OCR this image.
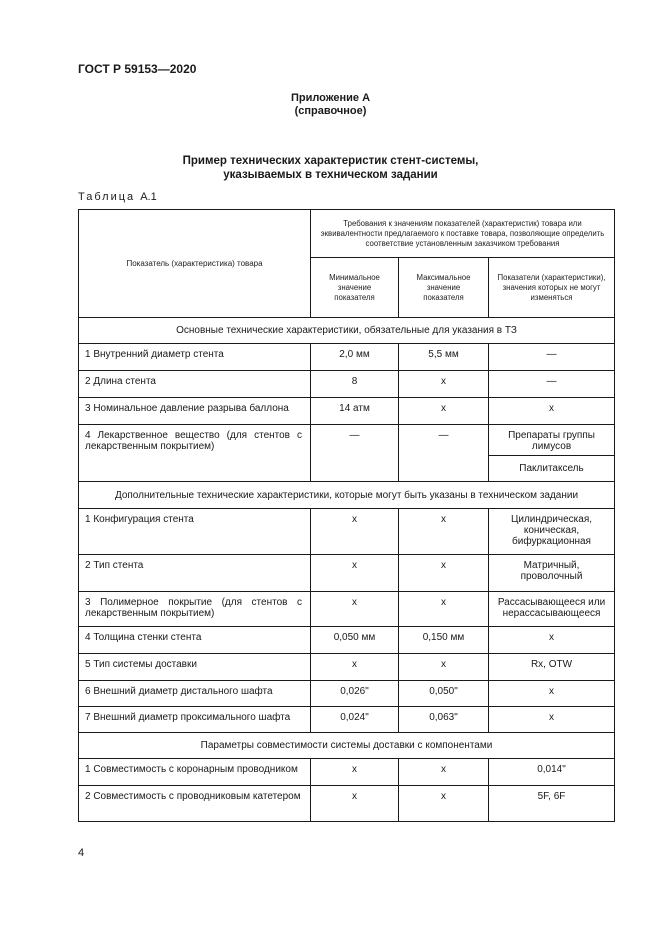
ГОСТ Р 59153—2020
Приложение А
(справочное)
Пример технических характеристик стент-системы,
указываемых в техническом задании
Таблица А.1
Показатель (характеристика) товара	Требования к значениям показателей (характеристик) товара или эквивалентности предлагаемого к поставке товара, позволяющие определить соответствие установленным заказчиком требования		
	Минимальное значение показателя	Максимальное значение показателя	Показатели (характеристики), значения которых не могут изменяться
Основные технические характеристики, обязательные для указания в ТЗ			
1 Внутренний диаметр стента	2,0 мм	5,5 мм	—
2 Длина стента	8	x	—
3 Номинальное давление разрыва баллона	14 атм	x	x
4 Лекарственное вещество (для стентов с лекарственным покрытием)	—	—	Препараты группы лимусов
			Паклитаксель
Дополнительные технические характеристики, которые могут быть указаны в техническом задании			
1 Конфигурация стента	x	x	Цилиндрическая, коническая, бифуркационная
2 Тип стента	x	x	Матричный, проволочный
3 Полимерное покрытие (для стентов с лекарственным покрытием)	x	x	Рассасывающееся или нерассасывающееся
4 Толщина стенки стента	0,050 мм	0,150 мм	x
5 Тип системы доставки	x	x	Rx, OTW
6 Внешний диаметр дистального шафта	0,026"	0,050"	x
7 Внешний диаметр проксимального шафта	0,024"	0,063"	x
Параметры совместимости системы доставки с компонентами			
1 Совместимость с коронарным проводником	x	x	0,014"
2 Совместимость с проводниковым катетером	x	x	5F, 6F
4
